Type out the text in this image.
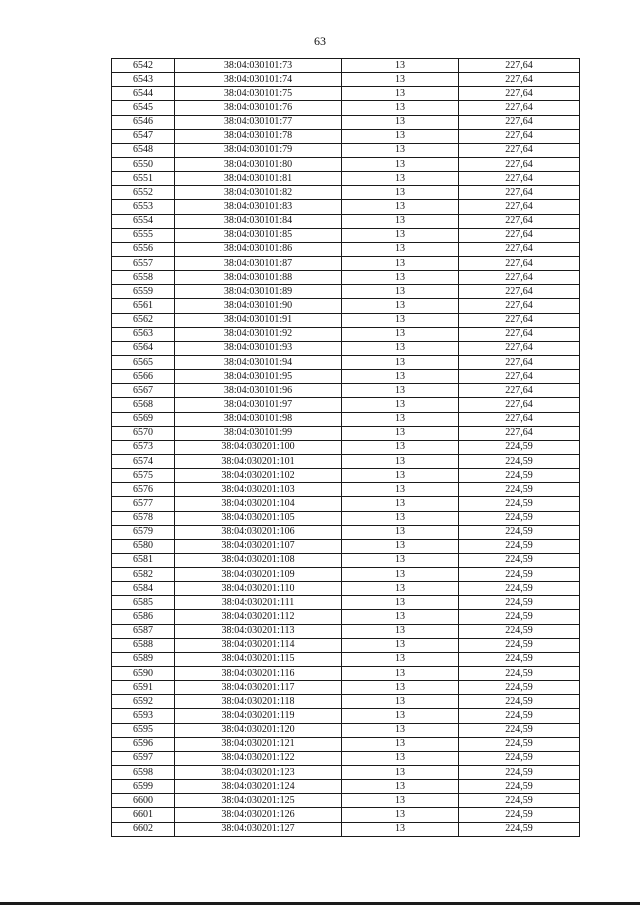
63
6542	38:04:030101:73	13	227,64
6543	38:04:030101:74	13	227,64
6544	38:04:030101:75	13	227,64
6545	38:04:030101:76	13	227,64
6546	38:04:030101:77	13	227,64
6547	38:04:030101:78	13	227,64
6548	38:04:030101:79	13	227,64
6550	38:04:030101:80	13	227,64
6551	38:04:030101:81	13	227,64
6552	38:04:030101:82	13	227,64
6553	38:04:030101:83	13	227,64
6554	38:04:030101:84	13	227,64
6555	38:04:030101:85	13	227,64
6556	38:04:030101:86	13	227,64
6557	38:04:030101:87	13	227,64
6558	38:04:030101:88	13	227,64
6559	38:04:030101:89	13	227,64
6561	38:04:030101:90	13	227,64
6562	38:04:030101:91	13	227,64
6563	38:04:030101:92	13	227,64
6564	38:04:030101:93	13	227,64
6565	38:04:030101:94	13	227,64
6566	38:04:030101:95	13	227,64
6567	38:04:030101:96	13	227,64
6568	38:04:030101:97	13	227,64
6569	38:04:030101:98	13	227,64
6570	38:04:030101:99	13	227,64
6573	38:04:030201:100	13	224,59
6574	38:04:030201:101	13	224,59
6575	38:04:030201:102	13	224,59
6576	38:04:030201:103	13	224,59
6577	38:04:030201:104	13	224,59
6578	38:04:030201:105	13	224,59
6579	38:04:030201:106	13	224,59
6580	38:04:030201:107	13	224,59
6581	38:04:030201:108	13	224,59
6582	38:04:030201:109	13	224,59
6584	38:04:030201:110	13	224,59
6585	38:04:030201:111	13	224,59
6586	38:04:030201:112	13	224,59
6587	38:04:030201:113	13	224,59
6588	38:04:030201:114	13	224,59
6589	38:04:030201:115	13	224,59
6590	38:04:030201:116	13	224,59
6591	38:04:030201:117	13	224,59
6592	38:04:030201:118	13	224,59
6593	38:04:030201:119	13	224,59
6595	38:04:030201:120	13	224,59
6596	38:04:030201:121	13	224,59
6597	38:04:030201:122	13	224,59
6598	38:04:030201:123	13	224,59
6599	38:04:030201:124	13	224,59
6600	38:04:030201:125	13	224,59
6601	38:04:030201:126	13	224,59
6602	38:04:030201:127	13	224,59
